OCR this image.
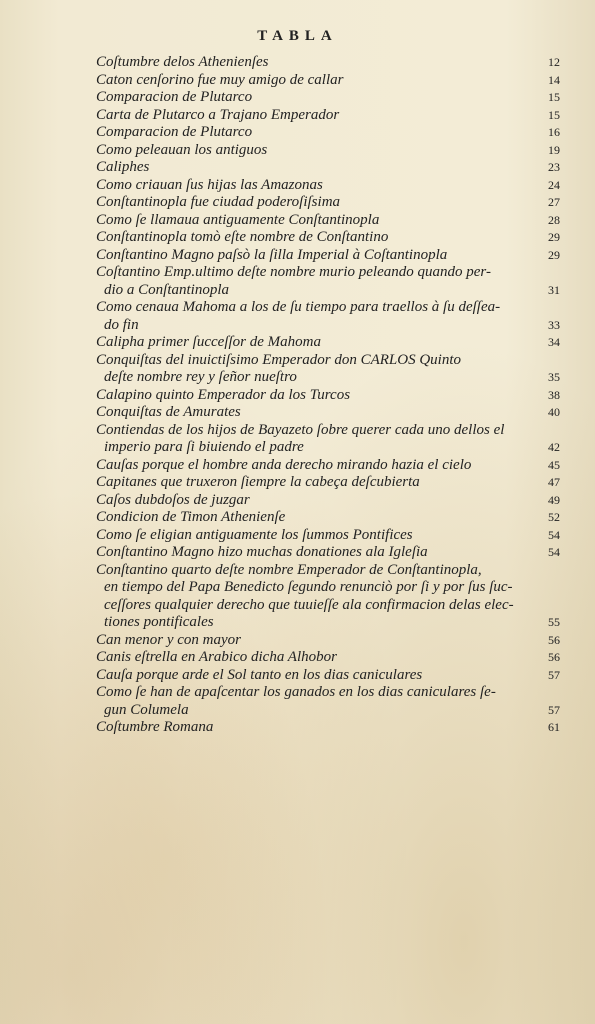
TABLA
Coſtumbre delos Athenienſes	12
Caton cenſorino fue muy amigo de callar	14
Comparacion de Plutarco	15
Carta de Plutarco a Trajano Emperador	15
Comparacion de Plutarco	16
Como peleauan los antiguos	19
Caliphes	23
Como criauan ſus hijas las Amazonas	24
Conſtantinopla fue ciudad poderoſiſsima	27
Como ſe llamaua antiguamente Conſtantinopla	28
Conſtantinopla tomò eſte nombre de Conſtantino	29
Conſtantino Magno paſsò la ſilla Imperial à Coſtantinopla	29
Coſtantino Emp.ultimo deſte nombre murio peleando quando per-
dio a Conſtantinopla	31
Como cenaua Mahoma a los de ſu tiempo para traellos à ſu deſſea-
do fin	33
Calipha primer ſucceſſor de Mahoma	34
Conquiſtas del inuictiſsimo Emperador don CARLOS Quinto
deſte nombre rey y ſeñor nueſtro	35
Calapino quinto Emperador da los Turcos	38
Conquiſtas de Amurates	40
Contiendas de los hijos de Bayazeto ſobre querer cada uno dellos el
imperio para ſi biuiendo el padre	42
Cauſas porque el hombre anda derecho mirando hazia el cielo	45
Capitanes que truxeron ſiempre la cabeça deſcubierta	47
Caſos dubdoſos de juzgar	49
Condicion de Timon Athenienſe	52
Como ſe eligian antiguamente los ſummos Pontifices	54
Conſtantino Magno hizo muchas donationes ala Igleſia	54
Conſtantino quarto deſte nombre Emperador de Conſtantinopla,
en tiempo del Papa Benedicto ſegundo renunciò por ſi y por ſus ſuc-
ceſſores qualquier derecho que tuuieſſe ala confirmacion delas elec-
tiones pontificales	55
Can menor y con mayor	56
Canis eſtrella en Arabico dicha Alhobor	56
Cauſa porque arde el Sol tanto en los dias caniculares	57
Como ſe han de apaſcentar los ganados en los dias caniculares ſe-
gun Columela	57
Coſtumbre Romana	61
